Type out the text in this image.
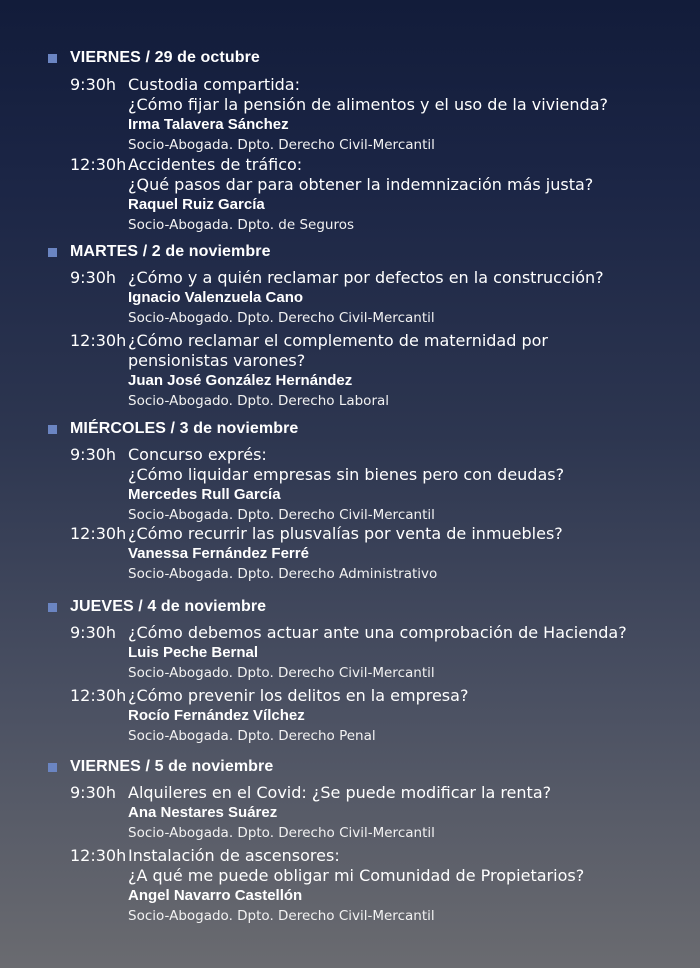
VIERNES / 29 de octubre
9:30h Custodia compartida:
¿Cómo fijar la pensión de alimentos y el uso de la vivienda?
Irma Talavera Sánchez
Socio-Abogada. Dpto. Derecho Civil-Mercantil
12:30h Accidentes de tráfico:
¿Qué pasos dar para obtener la indemnización más justa?
Raquel Ruiz García
Socio-Abogada. Dpto. de Seguros
MARTES / 2 de noviembre
9:30h ¿Cómo y a quién reclamar por defectos en la construcción?
Ignacio Valenzuela Cano
Socio-Abogado. Dpto. Derecho Civil-Mercantil
12:30h ¿Cómo reclamar el complemento de maternidad por
pensionistas varones?
Juan José González Hernández
Socio-Abogado. Dpto. Derecho Laboral
MIÉRCOLES / 3 de noviembre
9:30h Concurso exprés:
¿Cómo liquidar empresas sin bienes pero con deudas?
Mercedes Rull García
Socio-Abogada. Dpto. Derecho Civil-Mercantil
12:30h ¿Cómo recurrir las plusvalías por venta de inmuebles?
Vanessa Fernández Ferré
Socio-Abogada. Dpto. Derecho Administrativo
JUEVES / 4 de noviembre
9:30h ¿Cómo debemos actuar ante una comprobación de Hacienda?
Luis Peche Bernal
Socio-Abogado. Dpto. Derecho Civil-Mercantil
12:30h ¿Cómo prevenir los delitos en la empresa?
Rocío Fernández Vílchez
Socio-Abogada. Dpto. Derecho Penal
VIERNES / 5 de noviembre
9:30h Alquileres en el Covid: ¿Se puede modificar la renta?
Ana Nestares Suárez
Socio-Abogada. Dpto. Derecho Civil-Mercantil
12:30h Instalación de ascensores:
¿A qué me puede obligar mi Comunidad de Propietarios?
Angel Navarro Castellón
Socio-Abogado. Dpto. Derecho Civil-Mercantil
